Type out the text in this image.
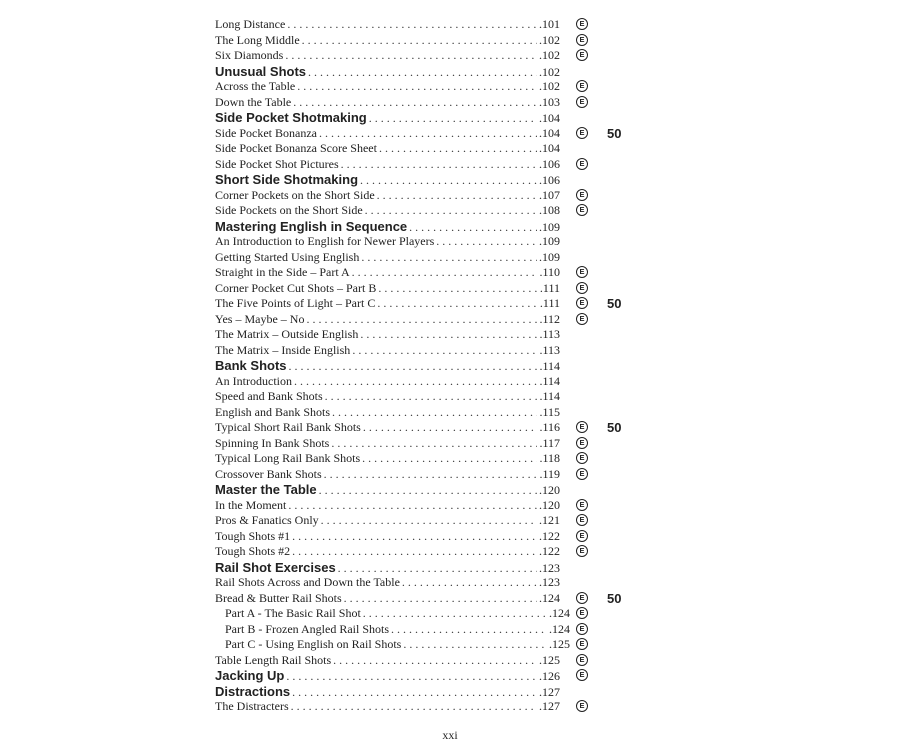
Long Distance . . .	.101	E
The Long Middle . . .	.102	E
Six Diamonds . . .	.102	E
Unusual Shots . . .	.102
Across the Table . . .	.102	E
Down the Table . . .	.103	E
Side Pocket Shotmaking . . .	.104
Side Pocket Bonanza . . .	.104	E 50
Side Pocket Bonanza Score Sheet . . .	.104
Side Pocket Shot Pictures . . .	.106	E
Short Side Shotmaking . . .	.106
Corner Pockets on the Short Side . . .	.107	E
Side Pockets on the Short Side . . .	.108	E
Mastering English in Sequence . . .	.109
An Introduction to English for Newer Players . . .	.109
Getting Started Using English . . .	.109
Straight in the Side – Part A . . .	.110	E
Corner Pocket Cut Shots – Part B . . .	.111	E
The Five Points of Light – Part C . . .	.111	E 50
Yes – Maybe – No . . .	.112	E
The Matrix – Outside English . . .	.113
The Matrix – Inside English . . .	.113
Bank Shots . . .	.114
An Introduction . . .	.114
Speed and Bank Shots . . .	.114
English and Bank Shots . . .	.115
Typical Short Rail Bank Shots . . .	.116	E 50
Spinning In Bank Shots . . .	.117	E
Typical Long Rail Bank Shots . . .	.118	E
Crossover Bank Shots . . .	.119	E
Master the Table . . .	.120
In the Moment . . .	.120	E
Pros & Fanatics Only . . .	.121	E
Tough Shots #1 . . .	.122	E
Tough Shots #2 . . .	.122	E
Rail Shot Exercises . . .	.123
Rail Shots Across and Down the Table . . .	.123
Bread & Butter Rail Shots . . .	.124	E 50
Part A - The Basic Rail Shot . . .	.124	E
Part B - Frozen Angled Rail Shots . . .	.124	E
Part C - Using English on Rail Shots . . .	.125	E
Table Length Rail Shots . . .	.125	E
Jacking Up . . .	.126	E
Distractions . . .	.127
The Distracters . . .	.127	E
xxi
